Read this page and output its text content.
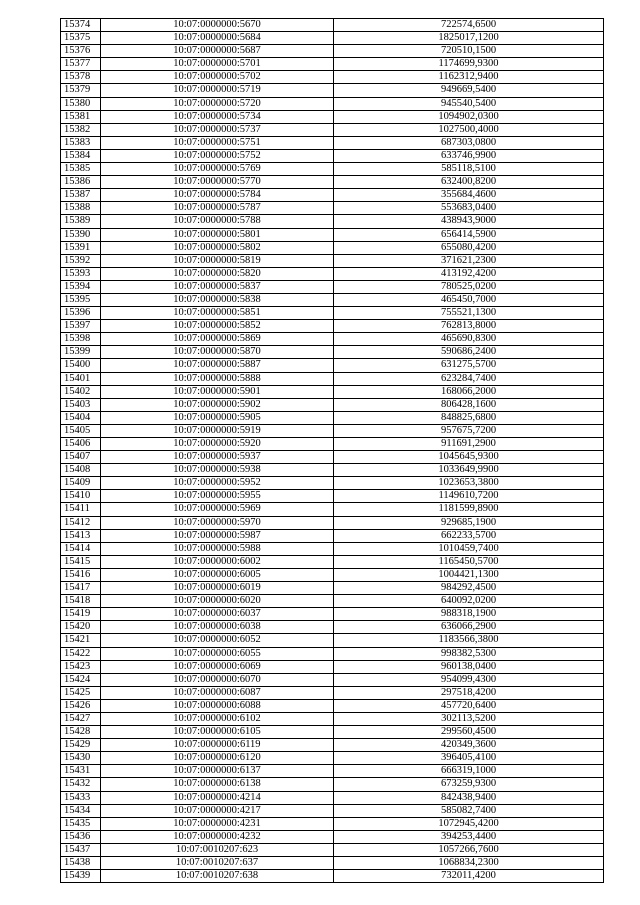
15374	10:07:0000000:5670	722574,6500
15375	10:07:0000000:5684	1825017,1200
15376	10:07:0000000:5687	720510,1500
15377	10:07:0000000:5701	1174699,9300
15378	10:07:0000000:5702	1162312,9400
15379	10:07:0000000:5719	949669,5400
15380	10:07:0000000:5720	945540,5400
15381	10:07:0000000:5734	1094902,0300
15382	10:07:0000000:5737	1027500,4000
15383	10:07:0000000:5751	687303,0800
15384	10:07:0000000:5752	633746,9900
15385	10:07:0000000:5769	585118,5100
15386	10:07:0000000:5770	632400,8200
15387	10:07:0000000:5784	355684,4600
15388	10:07:0000000:5787	553683,0400
15389	10:07:0000000:5788	438943,9000
15390	10:07:0000000:5801	656414,5900
15391	10:07:0000000:5802	655080,4200
15392	10:07:0000000:5819	371621,2300
15393	10:07:0000000:5820	413192,4200
15394	10:07:0000000:5837	780525,0200
15395	10:07:0000000:5838	465450,7000
15396	10:07:0000000:5851	755521,1300
15397	10:07:0000000:5852	762813,8000
15398	10:07:0000000:5869	465690,8300
15399	10:07:0000000:5870	590686,2400
15400	10:07:0000000:5887	631275,5700
15401	10:07:0000000:5888	623284,7400
15402	10:07:0000000:5901	168066,2000
15403	10:07:0000000:5902	806428,1600
15404	10:07:0000000:5905	848825,6800
15405	10:07:0000000:5919	957675,7200
15406	10:07:0000000:5920	911691,2900
15407	10:07:0000000:5937	1045645,9300
15408	10:07:0000000:5938	1033649,9900
15409	10:07:0000000:5952	1023653,3800
15410	10:07:0000000:5955	1149610,7200
15411	10:07:0000000:5969	1181599,8900
15412	10:07:0000000:5970	929685,1900
15413	10:07:0000000:5987	662233,5700
15414	10:07:0000000:5988	1010459,7400
15415	10:07:0000000:6002	1165450,5700
15416	10:07:0000000:6005	1004421,1300
15417	10:07:0000000:6019	984292,4500
15418	10:07:0000000:6020	640092,0200
15419	10:07:0000000:6037	988318,1900
15420	10:07:0000000:6038	636066,2900
15421	10:07:0000000:6052	1183566,3800
15422	10:07:0000000:6055	998382,5300
15423	10:07:0000000:6069	960138,0400
15424	10:07:0000000:6070	954099,4300
15425	10:07:0000000:6087	297518,4200
15426	10:07:0000000:6088	457720,6400
15427	10:07:0000000:6102	302113,5200
15428	10:07:0000000:6105	299560,4500
15429	10:07:0000000:6119	420349,3600
15430	10:07:0000000:6120	396405,4100
15431	10:07:0000000:6137	666319,1000
15432	10:07:0000000:6138	673259,9300
15433	10:07:0000000:4214	842438,9400
15434	10:07:0000000:4217	585082,7400
15435	10:07:0000000:4231	1072945,4200
15436	10:07:0000000:4232	394253,4400
15437	10:07:0010207:623	1057266,7600
15438	10:07:0010207:637	1068834,2300
15439	10:07:0010207:638	732011,4200
